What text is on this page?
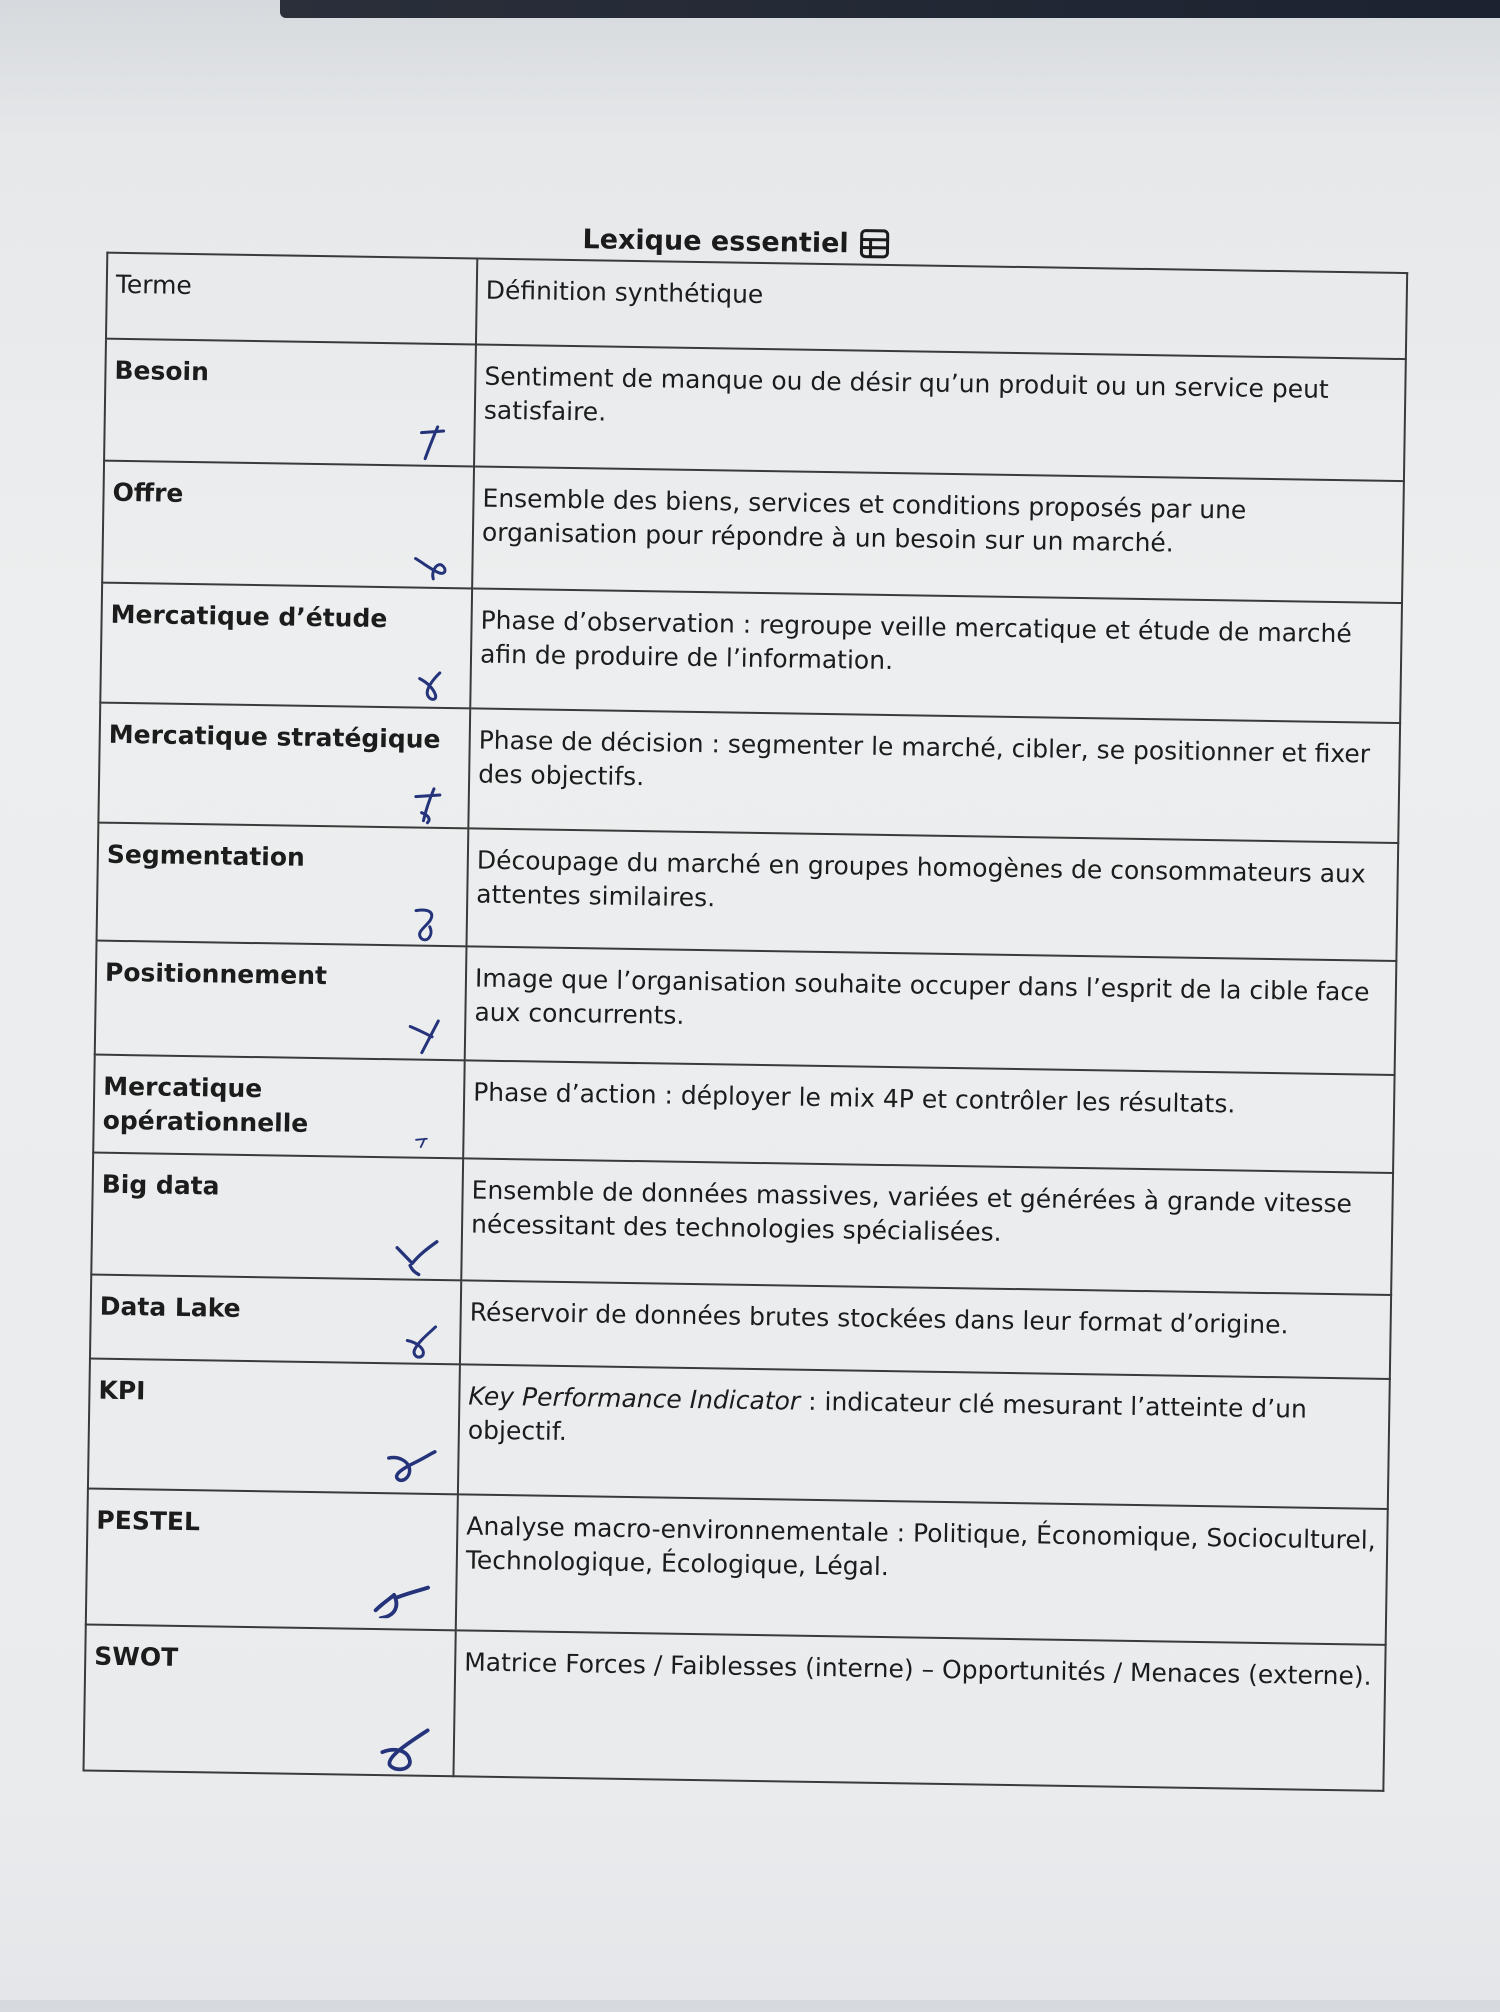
Lexique essentiel
Terme	Définition synthétique
Besoin	Sentiment de manque ou de désir qu’un produit ou un service peut satisfaire.
Offre	Ensemble des biens, services et conditions proposés par une organisation pour répondre à un besoin sur un marché.
Mercatique d’étude	Phase d’observation : regroupe veille mercatique et étude de marché afin de produire de l’information.
Mercatique stratégique	Phase de décision : segmenter le marché, cibler, se positionner et fixer des objectifs.
Segmentation	Découpage du marché en groupes homogènes de consommateurs aux attentes similaires.
Positionnement	Image que l’organisation souhaite occuper dans l’esprit de la cible face aux concurrents.
Mercatique opérationnelle	Phase d’action : déployer le mix 4P et contrôler les résultats.
Big data	Ensemble de données massives, variées et générées à grande vitesse nécessitant des technologies spécialisées.
Data Lake	Réservoir de données brutes stockées dans leur format d’origine.
KPI	Key Performance Indicator : indicateur clé mesurant l’atteinte d’un objectif.
PESTEL	Analyse macro-environnementale : Politique, Économique, Socioculturel, Technologique, Écologique, Légal.
SWOT	Matrice Forces / Faiblesses (interne) – Opportunités / Menaces (externe).
